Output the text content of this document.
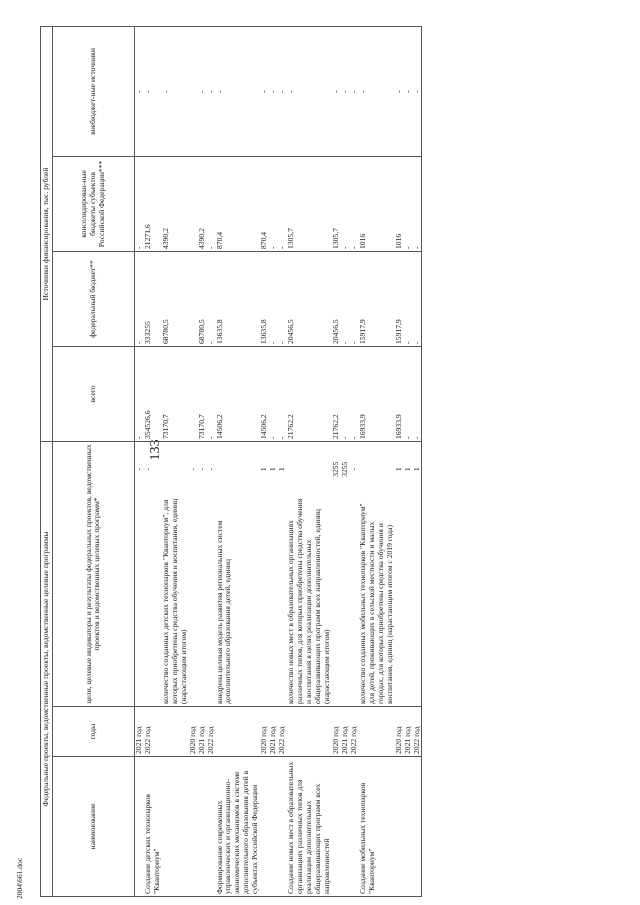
133
2004\661.doc
Федеральные проекты, ведомственные проекты, ведомственные целевые программы				Источники финансирования, тыс. рублей			
наименование	годы	цели, целевые индикаторы и результаты федеральных проектов, ведомственных проектов и ведомственных целевых программ*		всего	федеральный бюджет**	консолидирован-ные бюджеты субъектов Российской Федерации***	внебюджет-ные источники
	2021 год		-	-	-	-	-
Создание детских технопарков "Кванториум"	2022 год		-	354526,6	333255	21271,6	-
		количество созданных детских технопарков "Кванториум", для которых приобретены средства обучения и воспитания, единиц (нарастающим итогом)		73170,7	68780,5	4390,2	-
	2020 год		-				
	2021 год		-	73170,7	68780,5	4390,2	-
	2022 год		-	-	-	-	-
Формирование современных управленческих и организационно-экономических механизмов в системе дополнительного образования детей в субъектах Российской Федерации		внедрена целевая модель развития региональных систем дополнительного образования детей, единиц		14506,2	13635,8	870,4	-
	2020 год		1	14506,2	13635,8	870,4	-
	2021 год		1	-	-	-	-
	2022 год		1	-	-	-	-
Создание новых мест в образовательных организациях различных типов для реализации дополнительных общеразвивающих программ всех направленностей		количество новых мест в образовательных организациях различных типов, для которых приобретены средства обучения и воспитания в целях реализации дополнительных общеразвивающих программ всех направленностей, единиц (нарастающим итогом)		21762,2	20456,5	1305,7	-
	2020 год		3255	21762,2	20456,5	1305,7	-
	2021 год		3255	-	-	-	-
	2022 год		-	-	-	-	-
Создание мобильных технопарков "Кванториум"		количество созданных мобильных технопарков "Кванториум" для детей, проживающих в сельской местности и малых городах, для которых приобретены средства обучения и воспитания, единиц (нарастающим итогом с 2019 года)		16933,9	15917,9	1016	-
	2020 год		1	16933,9	15917,9	1016	-
	2021 год		1	-	-	-	-
	2022 год		1	-	-	-	-
